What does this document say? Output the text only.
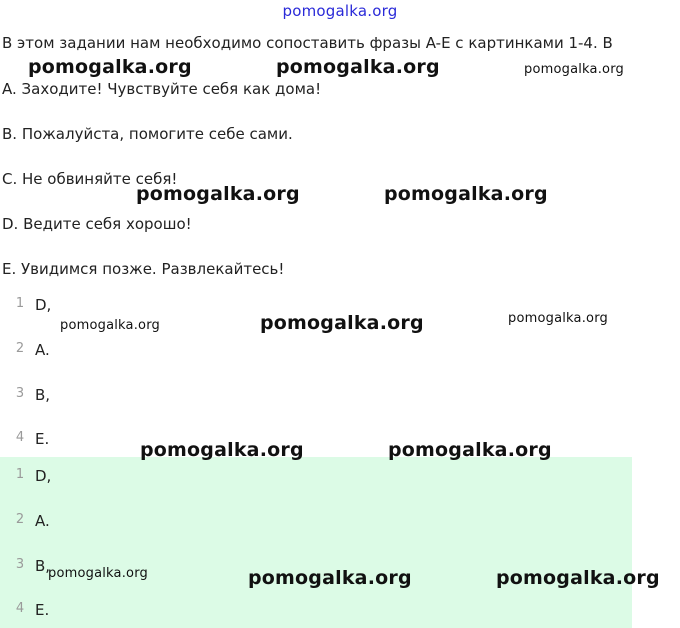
pomogalka.org
В этом задании нам необходимо сопоставить фразы A-E с картинками 1-4. В
A. Заходите! Чувствуйте себя как дома!
B. Пожалуйста, помогите себе сами.
C. Не обвиняйте себя!
D. Ведите себя хорошо!
E. Увидимся позже. Развлекайтесь!
1 D,
2 A.
3 B,
4 E.
1 D,
2 A.
3 B,
4 E.
pomogalka.org	pomogalka.org	pomogalka.org
pomogalka.org	pomogalka.org
pomogalka.org	pomogalka.org	pomogalka.org
pomogalka.org	pomogalka.org
pomogalka.org	pomogalka.org	pomogalka.org
